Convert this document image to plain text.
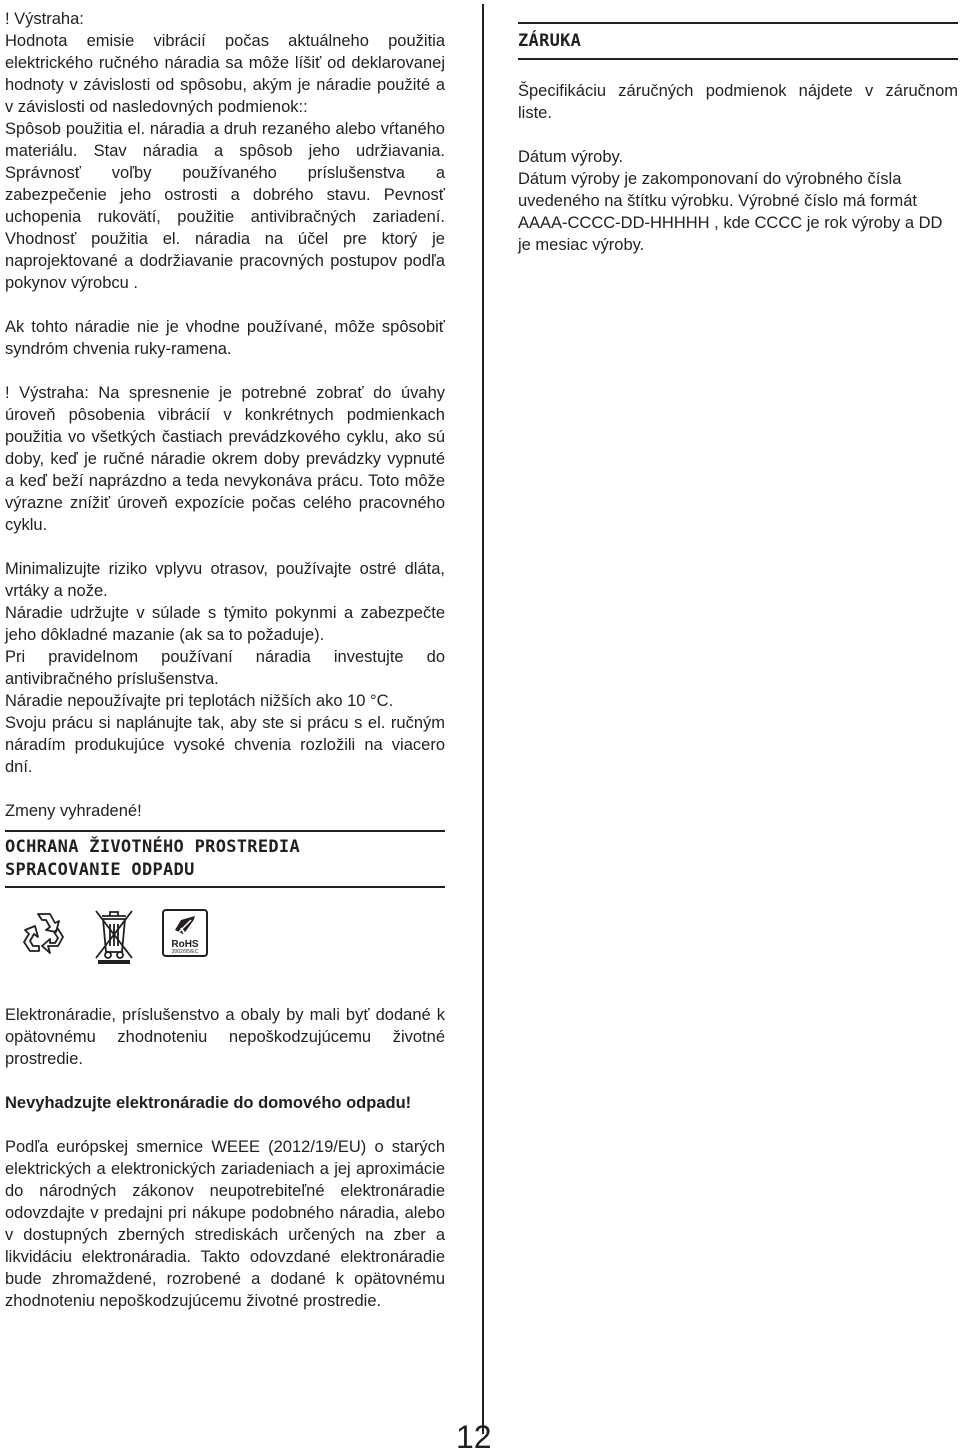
! Výstraha:

Hodnota emisie vibrácií počas aktuálneho použitia elektrického ručného náradia sa môže líšiť od deklarovanej hodnoty v závislosti od spôsobu, akým je náradie použité a v závislosti od nasledovných podmienok::

Spôsob použitia el. náradia a druh rezaného alebo vŕtaného materiálu. Stav náradia a spôsob jeho udržiavania. Správnosť voľby používaného príslušenstva a zabezpečenie jeho ostrosti a dobrého stavu. Pevnosť uchopenia rukovätí, použitie antivibračných zariadení. Vhodnosť použitia el. náradia na účel pre ktorý je naprojektované a dodržiavanie pracovných postupov podľa pokynov výrobcu .

Ak tohto náradie nie je vhodne používané, môže spôsobiť syndróm chvenia ruky-ramena.

! Výstraha: Na spresnenie je potrebné zobrať do úvahy úroveň pôsobenia vibrácií v konkrétnych podmienkach použitia vo všetkých častiach prevádzkového cyklu, ako sú doby, keď je ručné náradie okrem doby prevádzky vypnuté a keď beží naprázdno a teda nevykonáva prácu. Toto môže výrazne znížiť úroveň expozície počas celého pracovného cyklu.

Minimalizujte riziko vplyvu otrasov, používajte ostré dláta, vrtáky a nože.

Náradie udržujte v súlade s týmito pokynmi a zabezpečte jeho dôkladné mazanie (ak sa to požaduje).

Pri pravidelnom používaní náradia investujte do antivibračného príslušenstva.

Náradie nepoužívajte pri teplotách nižších ako 10 °C.

Svoju prácu si naplánujte tak, aby ste si prácu s el. ručným náradím produkujúce vysoké chvenia rozložili na viacero dní.

Zmeny vyhradené!

OCHRANA ŽIVOTNÉHO PROSTREDIA
SPRACOVANIE ODPADU
RoHS
2002/95/EC

Elektronáradie, príslušenstvo a obaly by mali byť dodané k opätovnému zhodnoteniu nepoškodzujúcemu životné prostredie.

Nevyhadzujte elektronáradie do domového odpadu!

Podľa európskej smernice WEEE (2012/19/EU) o starých elektrických a elektronických zariadeniach a jej aproximácie do národných zákonov neupotrebiteľné elektronáradie odovzdajte v predajni pri nákupe podobného náradia, alebo v dostupných zberných strediskách určených na zber a likvidáciu elektronáradia. Takto odovzdané elektronáradie bude zhromaždené, rozrobené a dodané k opätovnému zhodnoteniu nepoškodzujúcemu životné prostredie.

ZÁRUKA

Špecifikáciu záručných podmienok nájdete v záručnom liste.

Dátum výroby.

Dátum výroby je zakomponovaní do výrobného čísla uvedeného na štítku výrobku. Výrobné číslo má formát AAAA-CCCC-DD-HHHHH , kde CCCC je rok výroby a DD je mesiac výroby.

12
